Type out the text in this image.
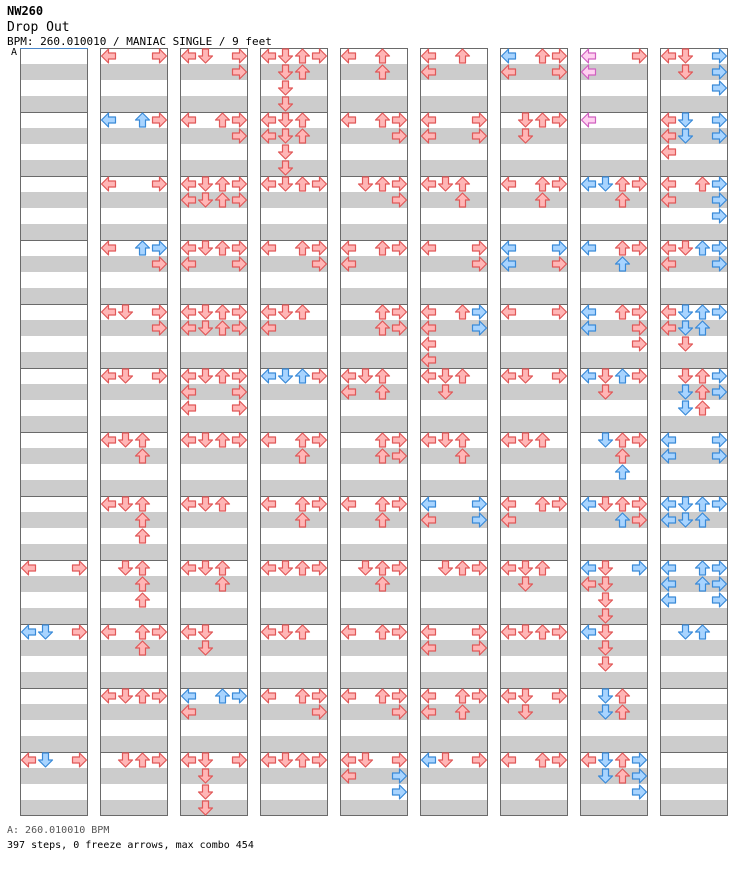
NW260
Drop Out
BPM: 260.010010 / MANIAC SINGLE / 9 feet
A
A: 260.010010 BPM
397 steps, 0 freeze arrows, max combo 454
